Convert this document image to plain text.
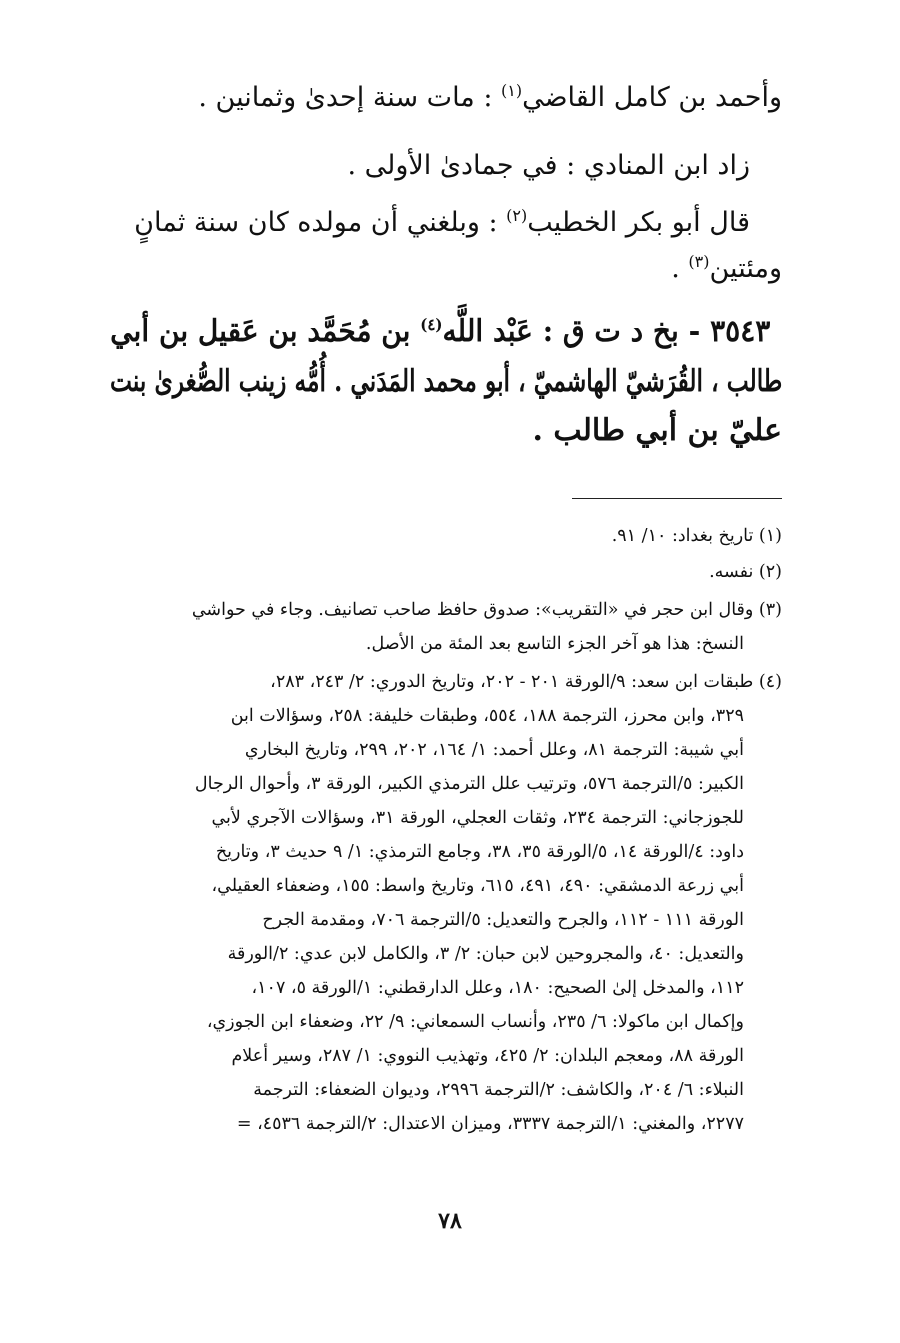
وأحمد بن كامل القاضي$^{(١)}$ : مات سنة إحدىٰ وثمانين .
زاد ابن المنادي : في جمادىٰ الأولى .
قال أبو بكر الخطيب$^{(٢)}$ : وبلغني أن مولده كان سنة ثمانٍ
ومئتين$^{(٣)}$ .
٣٥٤٣ - بخ د ت ق : عَبْد اللَّه$^{(٤)}$ بن مُحَمَّد بن عَقيل بن أبي
طالب ، القُرَشيّ الهاشميّ ، أبو محمد المَدَني . أُمُّه زينب الصُّغرىٰ بنت
عليّ بن أبي طالب .
(١) تاريخ بغداد: ١٠/ ٩١.
(٢) نفسه.
(٣) وقال ابن حجر في «التقريب»: صدوق حافظ صاحب تصانيف. وجاء في حواشي
النسخ: هذا هو آخر الجزء التاسع بعد المئة من الأصل.
(٤) طبقات ابن سعد: ٩/الورقة ٢٠١ - ٢٠٢، وتاريخ الدوري: ٢/ ٢٤٣، ٢٨٣،
٣٢٩، وابن محرز، الترجمة ١٨٨، ٥٥٤، وطبقات خليفة: ٢٥٨، وسؤالات ابن
أبي شيبة: الترجمة ٨١، وعلل أحمد: ١/ ١٦٤، ٢٠٢، ٢٩٩، وتاريخ البخاري
الكبير: ٥/الترجمة ٥٧٦، وترتيب علل الترمذي الكبير، الورقة ٣، وأحوال الرجال
للجوزجاني: الترجمة ٢٣٤، وثقات العجلي، الورقة ٣١، وسؤالات الآجري لأبي
داود: ٤/الورقة ١٤، ٥/الورقة ٣٥، ٣٨، وجامع الترمذي: ١/ ٩ حديث ٣، وتاريخ
أبي زرعة الدمشقي: ٤٩٠، ٤٩١، ٦١٥، وتاريخ واسط: ١٥٥، وضعفاء العقيلي،
الورقة ١١١ - ١١٢، والجرح والتعديل: ٥/الترجمة ٧٠٦، ومقدمة الجرح
والتعديل: ٤٠، والمجروحين لابن حبان: ٢/ ٣، والكامل لابن عدي: ٢/الورقة
١١٢، والمدخل إلىٰ الصحيح: ١٨٠، وعلل الدارقطني: ١/الورقة ٥، ١٠٧،
وإكمال ابن ماكولا: ٦/ ٢٣٥، وأنساب السمعاني: ٩/ ٢٢، وضعفاء ابن الجوزي،
الورقة ٨٨، ومعجم البلدان: ٢/ ٤٢٥، وتهذيب النووي: ١/ ٢٨٧، وسير أعلام
النبلاء: ٦/ ٢٠٤، والكاشف: ٢/الترجمة ٢٩٩٦، وديوان الضعفاء: الترجمة
٢٢٧٧، والمغني: ١/الترجمة ٣٣٣٧، وميزان الاعتدال: ٢/الترجمة ٤٥٣٦، =
٧٨
